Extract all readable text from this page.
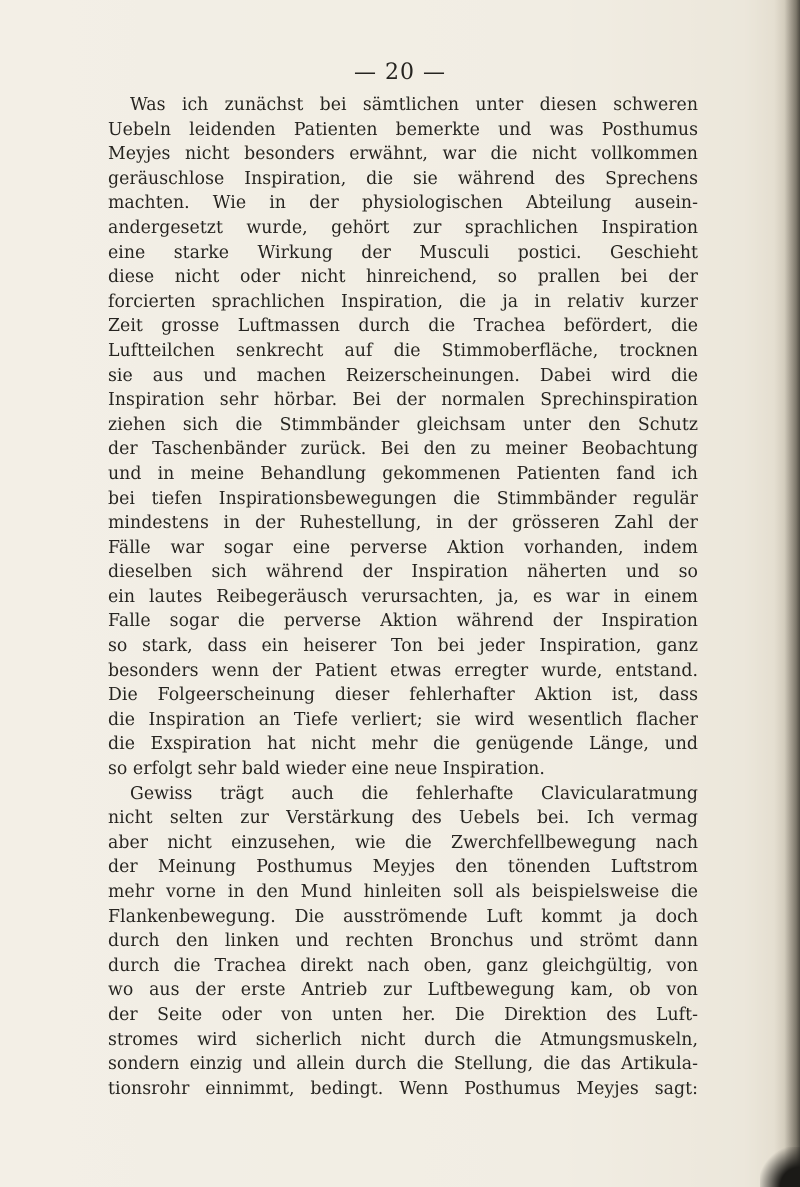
— 20 —
Was ich zunächst bei sämtlichen unter diesen schweren
Uebeln leidenden Patienten bemerkte und was Posthumus
Meyjes nicht besonders erwähnt, war die nicht vollkommen
geräuschlose Inspiration, die sie während des Sprechens
machten. Wie in der physiologischen Abteilung ausein-
andergesetzt wurde, gehört zur sprachlichen Inspiration
eine starke Wirkung der Musculi postici. Geschieht
diese nicht oder nicht hinreichend, so prallen bei der
forcierten sprachlichen Inspiration, die ja in relativ kurzer
Zeit grosse Luftmassen durch die Trachea befördert, die
Luftteilchen senkrecht auf die Stimmoberfläche, trocknen
sie aus und machen Reizerscheinungen. Dabei wird die
Inspiration sehr hörbar. Bei der normalen Sprechinspiration
ziehen sich die Stimmbänder gleichsam unter den Schutz
der Taschenbänder zurück. Bei den zu meiner Beobachtung
und in meine Behandlung gekommenen Patienten fand ich
bei tiefen Inspirationsbewegungen die Stimmbänder regulär
mindestens in der Ruhestellung, in der grösseren Zahl der
Fälle war sogar eine perverse Aktion vorhanden, indem
dieselben sich während der Inspiration näherten und so
ein lautes Reibegeräusch verursachten, ja, es war in einem
Falle sogar die perverse Aktion während der Inspiration
so stark, dass ein heiserer Ton bei jeder Inspiration, ganz
besonders wenn der Patient etwas erregter wurde, entstand.
Die Folgeerscheinung dieser fehlerhafter Aktion ist, dass
die Inspiration an Tiefe verliert; sie wird wesentlich flacher
die Exspiration hat nicht mehr die genügende Länge, und
so erfolgt sehr bald wieder eine neue Inspiration.
Gewiss trägt auch die fehlerhafte Clavicularatmung
nicht selten zur Verstärkung des Uebels bei. Ich vermag
aber nicht einzusehen, wie die Zwerchfellbewegung nach
der Meinung Posthumus Meyjes den tönenden Luftstrom
mehr vorne in den Mund hinleiten soll als beispielsweise die
Flankenbewegung. Die ausströmende Luft kommt ja doch
durch den linken und rechten Bronchus und strömt dann
durch die Trachea direkt nach oben, ganz gleichgültig, von
wo aus der erste Antrieb zur Luftbewegung kam, ob von
der Seite oder von unten her. Die Direktion des Luft-
stromes wird sicherlich nicht durch die Atmungsmuskeln,
sondern einzig und allein durch die Stellung, die das Artikula-
tionsrohr einnimmt, bedingt. Wenn Posthumus Meyjes sagt:
